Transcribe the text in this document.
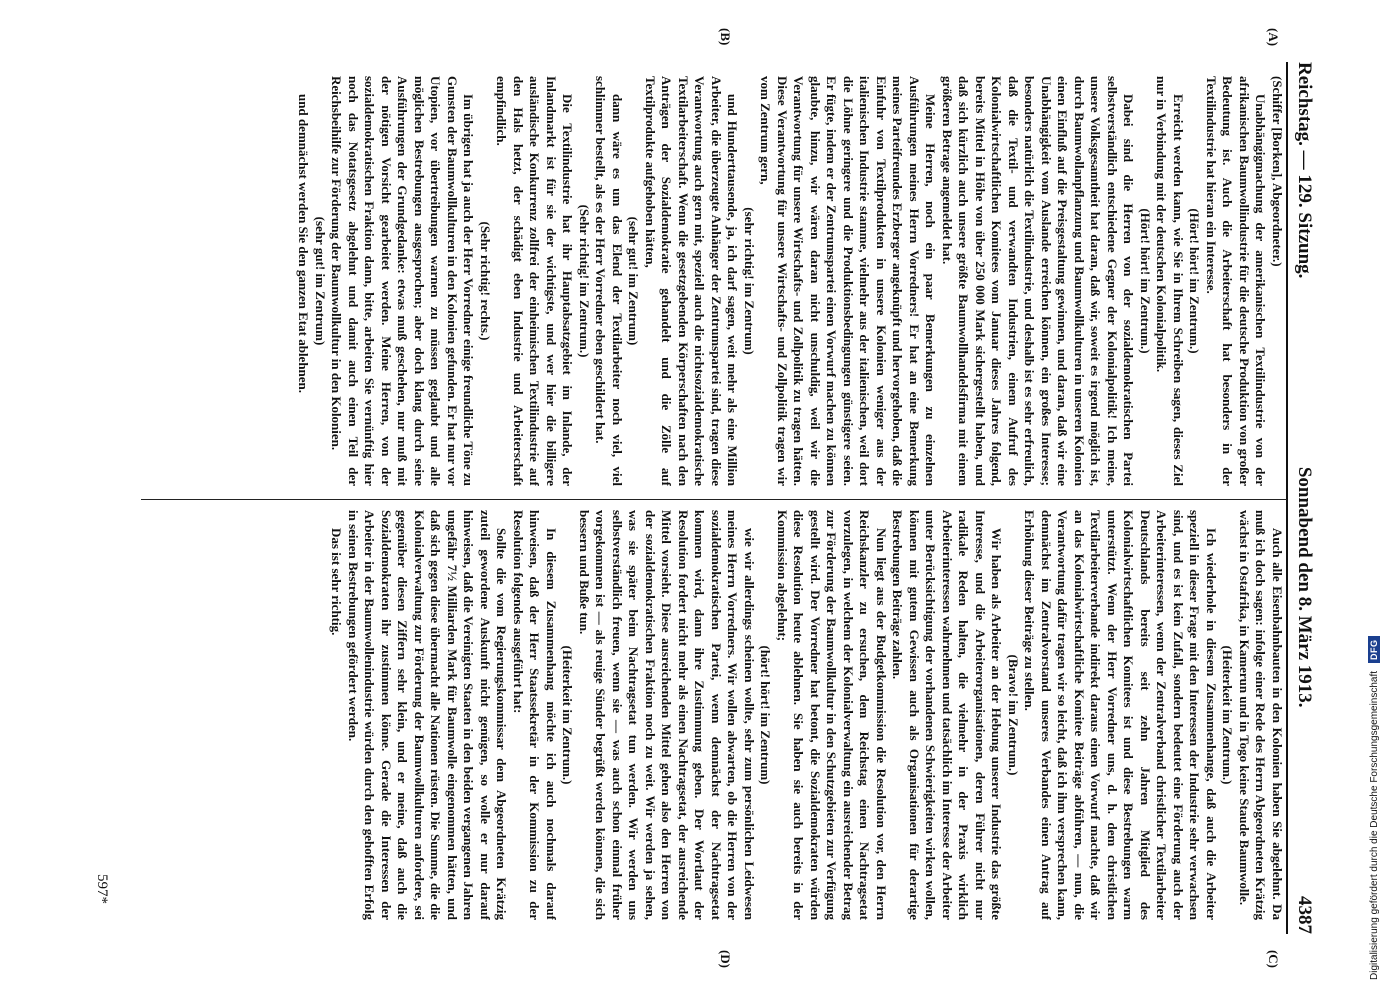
Reichstag. — 129. Sitzung.
Sonnabend den 8. März 1913.
4387
(A)
(B)
(C)
(D)

(Schiffer [Borken], Abgeordneter.)

Unabhängigmachung der amerikanischen Textilindustrie von der afrikanischen Baumwollindustrie für die deutsche Produktion von großer Bedeutung ist. Auch die Arbeiterschaft hat besonders in der Textilindustrie hat hieran ein Interesse.

(Hört! hört! im Zentrum.)

Erreicht werden kann, wie Sie in Ihrem Schreiben sagen, dieses Ziel nur in Verbindung mit der deutschen Kolonialpolitik.

(Hört! hört! im Zentrum.)

Dabei sind die Herren von der sozialdemokratischen Partei selbstverständlich entschiedene Gegner der Kolonialpolitik! Ich meine, unsere Volksgesamtheit hat daran, daß wir, soweit es irgend möglich ist, durch Baumwollanpflanzung und Baumwollkulturen in unseren Kolonien einen Einfluß auf die Preisgestaltung gewinnen, und daran, daß wir eine Unabhängigkeit vom Auslande erreichen können, ein großes Interesse; besonders natürlich die Textilindustrie, und deshalb ist es sehr erfreulich, daß die Textil- und verwandten Industrien, einem Aufruf des Kolonialwirtschaftlichen Komitees vom Januar dieses Jahres folgend, bereits Mittel in Höhe von über 250 000 Mark sichergestellt haben, und daß sich kürzlich auch unsere größte Baumwollhandelsfirma mit einem größeren Betrage angemeldet hat.

Meine Herren, noch ein paar Bemerkungen zu einzelnen Ausführungen meines Herrn Vorredners! Er hat an eine Bemerkung meines Parteifreundes Erzberger angeknüpft und hervorgehoben, daß die Einfuhr von Textilprodukten in unsere Kolonien weniger aus der italienischen Industrie stamme, vielmehr aus der italienischen, weil dort die Löhne geringere und die Produktionsbedingungen günstigere seien. Er fügte, indem er der Zentrumspartei einen Vorwurf machen zu können glaubte, hinzu, wir wären daran nicht unschuldig, weil wir die Verantwortung für unsere Wirtschafts- und Zollpolitik zu tragen hätten. Diese Verantwortung für unsere Wirtschafts- und Zollpolitik tragen wir vom Zentrum gern,

(sehr richtig! im Zentrum)

und Hunderttausende, ja, ich darf sagen, weit mehr als eine Million Arbeiter, die überzeugte Anhänger der Zentrumspartei sind, tragen diese Verantwortung auch gern mit, speziell auch die nichtsozialdemokratische Textilarbeiterschaft. Wenn die gesetzgebenden Körperschaften nach den Anträgen der Sozialdemokratie gehandelt und die Zölle auf Textilprodukte aufgehoben hätten,

(sehr gut! im Zentrum)

dann wäre es um das Elend der Textilarbeiter noch viel, viel schlimmer bestellt, als es der Herr Vorredner eben geschildert hat.

(Sehr richtig! im Zentrum.)

Die Textilindustrie hat ihr Hauptabsatzgebiet im Inlande, der Inlandmarkt ist für sie der wichtigste, und wer hier die billigere ausländische Konkurrenz zollfrei der einheimischen Textilindustrie auf den Hals hetzt, der schädigt eben Industrie und Arbeiterschaft empfindlich.

(Sehr richtig! rechts.)

Im übrigen hat ja auch der Herr Vorredner einige freundliche Töne zu Gunsten der Baumwollkulturen in den Kolonien gefunden. Er hat nur vor Utopien, vor übertreibungen warnen zu müssen geglaubt und alle möglichen Bestrebungen ausgesprochen; aber doch klang durch seine Ausführungen der Grundgedanke: etwas muß geschehen, nur muß mit der nötigen Vorsicht gearbeitet werden. Meine Herren, von der sozialdemokratischen Fraktion dann, bitte, arbeiten Sie vernünftig hier noch das Notatsgesetz abgelehnt und damit auch einen Teil der Reichsbeihilfe zur Förderung der Baumwollkultur in den Kolonien.

(sehr gut! im Zentrum)

und demnächst werden Sie den ganzen Etat ablehnen.

Auch alle Eisenbahnbauten in den Kolonien haben Sie abgelehnt. Da muß ich doch sagen: infolge einer Rede des Herrn Abgeordneten Krätzig wächst in Ostafrika, in Kamerun und in Togo keine Staude Baumwolle.

(Heiterkeit im Zentrum.)

Ich wiederhole in diesem Zusammenhange, daß auch die Arbeiter speziell in dieser Frage mit den Interessen der Industrie sehr verwachsen sind, und es ist kein Zufall, sondern bedeutet eine Förderung auch der Arbeiterinteressen, wenn der Zentralverband christlicher Textilarbeiter Deutschlands bereits seit zehn Jahren Mitglied des Kolonialwirtschaftlichen Komitees ist und diese Bestrebungen warm unterstützt. Wenn der Herr Vorredner uns, d. h. dem christlichen Textilarbeiterverbande indirekt daraus einen Vorwurf machte, daß wir an das Kolonialwirtschaftliche Komitee Beiträge abführen, — nun, die Verantwortung dafür tragen wir so leicht, daß ich ihm versprechen kann, demnächst im Zentralvorstand unseres Verbandes einen Antrag auf Erhöhung dieser Beiträge zu stellen.

(Bravo! im Zentrum.)

Wir haben als Arbeiter an der Hebung unserer Industrie das größte Interesse, und die Arbeiterorganisationen, deren Führer nicht nur radikale Reden halten, die vielmehr in der Praxis wirklich Arbeiterinteressen wahrnehmen und tatsächlich im Interesse der Arbeiter unter Berücksichtigung der vorhandenen Schwierigkeiten wirken wollen, können mit gutem Gewissen auch als Organisationen für derartige Bestrebungen Beiträge zahlen.

Nun liegt aus der Budgetkommission die Resolution vor, den Herrn Reichskanzler zu ersuchen, dem Reichstag einen Nachtragsetat vorzulegen, in welchem der Kolonialverwaltung ein ausreichender Betrag zur Förderung der Baumwollkultur in den Schutzgebieten zur Verfügung gestellt wird. Der Vorredner hat betont, die Sozialdemokraten würden diese Resolution heute ablehnen. Sie haben sie auch bereits in der Kommission abgelehnt;

(hört! hört! im Zentrum)

wie wir allerdings scheinen wollte, sehr zum persönlichen Leidwesen meines Herrn Vorredners. Wir wollen abwarten, ob die Herren von der sozialdemokratischen Partei, wenn demnächst der Nachtragsetat kommen wird, dann ihre Zustimmung geben. Der Wortlaut der Resolution fordert nicht mehr als einen Nachtragsetat, der ausreichende Mittel vorsieht. Diese ausreichenden Mittel gehen also den Herren von der sozialdemokratischen Fraktion noch zu weit. Wir werden ja sehen, was sie später beim Nachtragsetat tun werden. Wir werden uns selbstverständlich freuen, wenn sie — was auch schon einmal früher vorgekommen ist — als reuige Sünder begrüßt werden können, die sich bessern und Buße tun.

(Heiterkeit im Zentrum.)

In diesem Zusammenhang möchte ich auch nochmals darauf hinweisen, daß der Herr Staatssekretär in der Kommission zu der Resolution folgendes ausgeführt hat:

Sollte die vom Regierungskommissar dem Abgeordneten Krätzig zuteil gewordene Auskunft nicht genügen, so wolle er nur darauf hinweisen, daß die Vereinigten Staaten in den beiden vergangenen Jahren ungefähr 7½ Milliarden Mark für Baumwolle eingenommen hätten, und daß sich gegen diese übermacht alle Nationen rüsten. Die Summe, die die Kolonialverwaltung zur Förderung der Baumwollkulturen anfordere, sei gegenüber diesen Ziffern sehr klein, und er meine, daß auch die Sozialdemokraten ihr zustimmen könne. Gerade die Interessen der Arbeiter in der Baumwollenindustrie würden durch den gehofften Erfolg in seinen Bestrebungen gefördert werden.

Das ist sehr richtig.

597*	Digitalisierung gefördert durch die Deutsche Forschungsgemeinschaft
DFG
